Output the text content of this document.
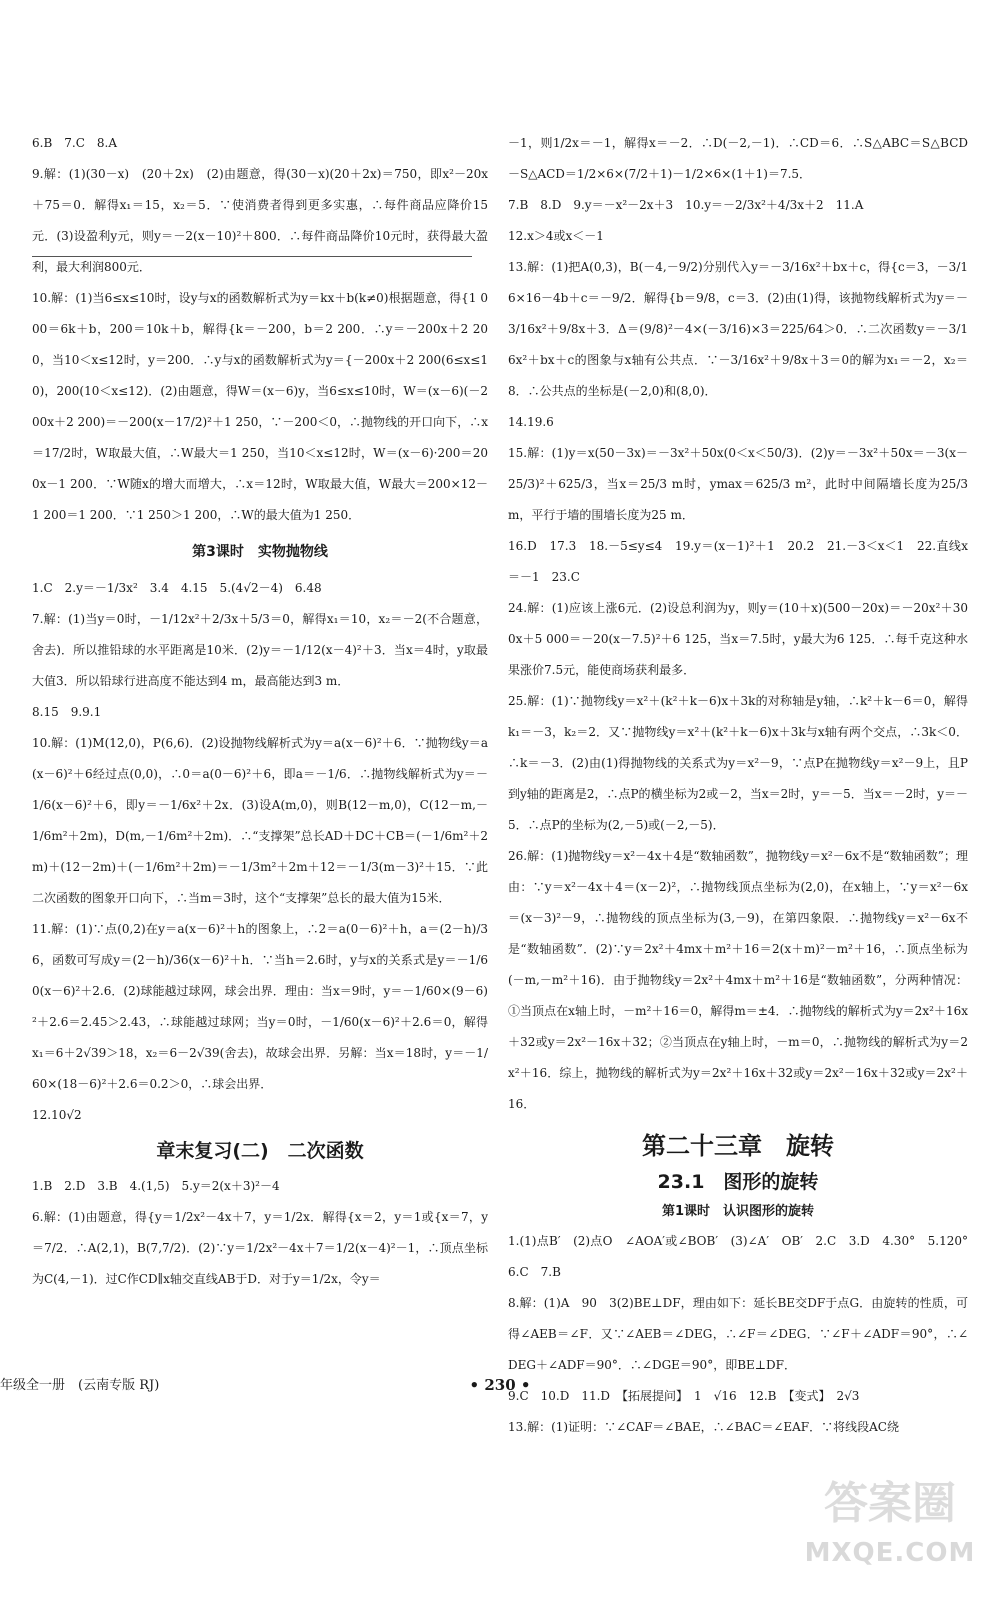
6.B　7.C　8.A

9.解：(1)(30－x)　(20＋2x)　(2)由题意，得(30－x)(20＋2x)＝750，即x²－20x＋75＝0．解得x₁＝15，x₂＝5．∵使消费者得到更多实惠，∴每件商品应降价15元．(3)设盈利y元，则y＝－2(x－10)²＋800．∴每件商品降价10元时，获得最大盈利，最大利润800元．

10.解：(1)当6≤x≤10时，设y与x的函数解析式为y＝kx＋b(k≠0)根据题意，得{1 000＝6k＋b，200＝10k＋b，解得{k＝－200，b＝2 200．∴y＝－200x＋2 200，当10＜x≤12时，y＝200．∴y与x的函数解析式为y＝{－200x＋2 200(6≤x≤10)，200(10＜x≤12)．(2)由题意，得W＝(x－6)y，当6≤x≤10时，W＝(x－6)(－200x＋2 200)＝－200(x－17/2)²＋1 250，∵－200＜0，∴抛物线的开口向下，∴x＝17/2时，W取最大值，∴W最大＝1 250，当10＜x≤12时，W＝(x－6)·200＝200x－1 200．∵W随x的增大而增大，∴x＝12时，W取最大值，W最大＝200×12－1 200＝1 200．∵1 250＞1 200，∴W的最大值为1 250．

第3课时　实物抛物线

1.C　2.y＝－1/3x²　3.4　4.15　5.(4√2－4)　6.48

7.解：(1)当y＝0时，－1/12x²＋2/3x＋5/3＝0，解得x₁＝10，x₂＝－2(不合题意，舍去)．所以推铅球的水平距离是10米．(2)y＝－1/12(x－4)²＋3．当x＝4时，y取最大值3．所以铅球行进高度不能达到4 m，最高能达到3 m．

8.15　9.9.1

10.解：(1)M(12,0)，P(6,6)．(2)设抛物线解析式为y＝a(x－6)²＋6．∵抛物线y＝a(x－6)²＋6经过点(0,0)，∴0＝a(0－6)²＋6，即a＝－1/6．∴抛物线解析式为y＝－1/6(x－6)²＋6，即y＝－1/6x²＋2x．(3)设A(m,0)，则B(12－m,0)，C(12－m,－1/6m²＋2m)，D(m,－1/6m²＋2m)．∴“支撑架”总长AD＋DC＋CB＝(－1/6m²＋2m)＋(12－2m)＋(－1/6m²＋2m)＝－1/3m²＋2m＋12＝－1/3(m－3)²＋15．∵此二次函数的图象开口向下，∴当m＝3时，这个“支撑架”总长的最大值为15米．

11.解：(1)∵点(0,2)在y＝a(x－6)²＋h的图象上，∴2＝a(0－6)²＋h，a＝(2－h)/36，函数可写成y＝(2－h)/36(x－6)²＋h．∵当h＝2.6时，y与x的关系式是y＝－1/60(x－6)²＋2.6．(2)球能越过球网，球会出界．理由：当x＝9时，y＝－1/60×(9－6)²＋2.6＝2.45＞2.43，∴球能越过球网；当y＝0时，－1/60(x－6)²＋2.6＝0，解得x₁＝6＋2√39＞18，x₂＝6－2√39(舍去)，故球会出界．另解：当x＝18时，y＝－1/60×(18－6)²＋2.6＝0.2＞0，∴球会出界．

12.10√2

章末复习(二)　二次函数

1.B　2.D　3.B　4.(1,5)　5.y＝2(x＋3)²－4

6.解：(1)由题意，得{y＝1/2x²－4x＋7，y＝1/2x．解得{x＝2，y＝1或{x＝7，y＝7/2．∴A(2,1)，B(7,7/2)．(2)∵y＝1/2x²－4x＋7＝1/2(x－4)²－1，∴顶点坐标为C(4,－1)．过C作CD∥x轴交直线AB于D．对于y＝1/2x，令y＝

－1，则1/2x＝－1，解得x＝－2．∴D(－2,－1)．∴CD＝6．∴S△ABC＝S△BCD－S△ACD＝1/2×6×(7/2＋1)－1/2×6×(1＋1)＝7.5．

7.B　8.D　9.y＝－x²－2x＋3　10.y＝－2/3x²＋4/3x＋2　11.A

12.x＞4或x＜－1

13.解：(1)把A(0,3)，B(－4,－9/2)分别代入y＝－3/16x²＋bx＋c，得{c＝3，－3/16×16－4b＋c＝－9/2．解得{b＝9/8，c＝3．(2)由(1)得，该抛物线解析式为y＝－3/16x²＋9/8x＋3．Δ＝(9/8)²－4×(－3/16)×3＝225/64＞0．∴二次函数y＝－3/16x²＋bx＋c的图象与x轴有公共点．∵－3/16x²＋9/8x＋3＝0的解为x₁＝－2，x₂＝8．∴公共点的坐标是(－2,0)和(8,0)．

14.19.6

15.解：(1)y＝x(50－3x)＝－3x²＋50x(0＜x＜50/3)．(2)y＝－3x²＋50x＝－3(x－25/3)²＋625/3，当x＝25/3 m时，ymax＝625/3 m²，此时中间隔墙长度为25/3 m，平行于墙的围墙长度为25 m．

16.D　17.3　18.－5≤y≤4　19.y＝(x－1)²＋1　20.2　21.－3＜x＜1　22.直线x＝－1　23.C

24.解：(1)应该上涨6元．(2)设总利润为y，则y＝(10＋x)(500－20x)＝－20x²＋300x＋5 000＝－20(x－7.5)²＋6 125，当x＝7.5时，y最大为6 125．∴每千克这种水果涨价7.5元，能使商场获利最多．

25.解：(1)∵抛物线y＝x²＋(k²＋k－6)x＋3k的对称轴是y轴，∴k²＋k－6＝0，解得k₁＝－3，k₂＝2．又∵抛物线y＝x²＋(k²＋k－6)x＋3k与x轴有两个交点，∴3k＜0．∴k＝－3．(2)由(1)得抛物线的关系式为y＝x²－9，∵点P在抛物线y＝x²－9上，且P到y轴的距离是2，∴点P的横坐标为2或－2，当x＝2时，y＝－5．当x＝－2时，y＝－5．∴点P的坐标为(2,－5)或(－2,－5)．

26.解：(1)抛物线y＝x²－4x＋4是“数轴函数”，抛物线y＝x²－6x不是“数轴函数”；理由：∵y＝x²－4x＋4＝(x－2)²，∴抛物线顶点坐标为(2,0)，在x轴上，∵y＝x²－6x＝(x－3)²－9，∴抛物线的顶点坐标为(3,－9)，在第四象限．∴抛物线y＝x²－6x不是“数轴函数”．(2)∵y＝2x²＋4mx＋m²＋16＝2(x＋m)²－m²＋16，∴顶点坐标为(－m,－m²＋16)．由于抛物线y＝2x²＋4mx＋m²＋16是“数轴函数”，分两种情况：①当顶点在x轴上时，－m²＋16＝0，解得m＝±4．∴抛物线的解析式为y＝2x²＋16x＋32或y＝2x²－16x＋32；②当顶点在y轴上时，－m＝0，∴抛物线的解析式为y＝2x²＋16．综上，抛物线的解析式为y＝2x²＋16x＋32或y＝2x²－16x＋32或y＝2x²＋16．

第二十三章　旋转
23.1　图形的旋转
第1课时　认识图形的旋转

1.(1)点B′　(2)点O　∠AOA′或∠BOB′　(3)∠A′　OB′　2.C　3.D　4.30°　5.120°　6.C　7.B

8.解：(1)A　90　3(2)BE⊥DF，理由如下：延长BE交DF于点G．由旋转的性质，可得∠AEB＝∠F．又∵∠AEB＝∠DEG，∴∠F＝∠DEG．∵∠F＋∠ADF＝90°，∴∠DEG＋∠ADF＝90°．∴∠DGE＝90°，即BE⊥DF．

9.C　10.D　11.D　【拓展提问】　1　√16　12.B　【变式】　2√3

13.解：(1)证明：∵∠CAF＝∠BAE，∴∠BAC＝∠EAF．∵将线段AC绕

年级全一册　(云南专版 RJ)	• 230 •
答案圈
MXQE.COM
